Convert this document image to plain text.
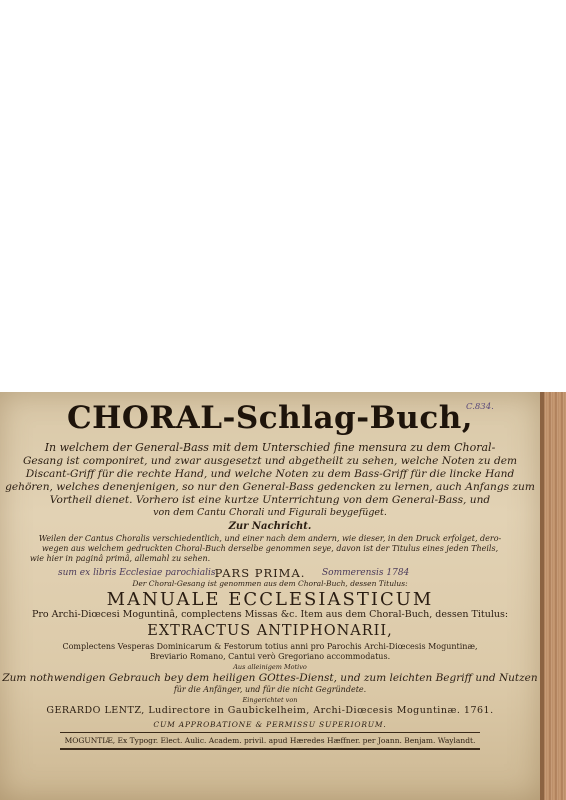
C.834.
CHORAL-Schlag-Buch,
In welchem der General-Bass mit dem Unterschied fine mensura zu dem Choral-
Gesang ist componiret, und zwar ausgesetzt und abgetheilt zu sehen, welche Noten zu dem
Discant-Griff für die rechte Hand, und welche Noten zu dem Bass-Griff für die lincke Hand
gehören, welches denenjenigen, so nur den General-Bass gedencken zu lernen, auch Anfangs zum
Vortheil dienet. Vorhero ist eine kurtze Unterrichtung von dem General-Bass, und
von dem Cantu Chorali und Figurali beygefüget.
Zur Nachricht.
Weilen der Cantus Choralis verschiedentlich, und einer nach dem andern, wie dieser, in den Druck erfolget, dero-
wegen aus welchem gedruckten Choral-Buch derselbe genommen seye, davon ist der Titulus eines jeden Theils,
wie hier in paginâ primâ, allemahl zu sehen.
sum ex libris Ecclesiae parochialis PARS PRIMA.	Sommerensis 1784
Der Choral-Gesang ist genommen aus dem Choral-Buch, dessen Titulus:
MANUALE ECCLESIASTICUM
Pro Archi-Diœcesi Moguntinâ, complectens Missas &c. Item aus dem Choral-Buch, dessen Titulus:
EXTRACTUS ANTIPHONARII,
Complectens Vesperas Dominicarum & Festorum totius anni pro Parochis Archi-Diœcesis Moguntinæ,
Breviario Romano, Cantui verò Gregoriano accommodatus.
Aus alleinigem Motivo
Zum nothwendigen Gebrauch bey dem heiligen GOttes-Dienst, und zum leichten Begriff und Nutzen
für die Anfänger, und für die nicht Gegründete.
Eingerichtet von
GERARDO LENTZ, Ludirectore in Gaubickelheim, Archi-Diœcesis Moguntinæ. 1761.
CUM APPROBATIONE & PERMISSU SUPERIORUM.
MOGUNTIÆ, Ex Typogr. Elect. Aulic. Academ. privil. apud Hæredes Hæffner. per Joann. Benjam. Waylandt.
